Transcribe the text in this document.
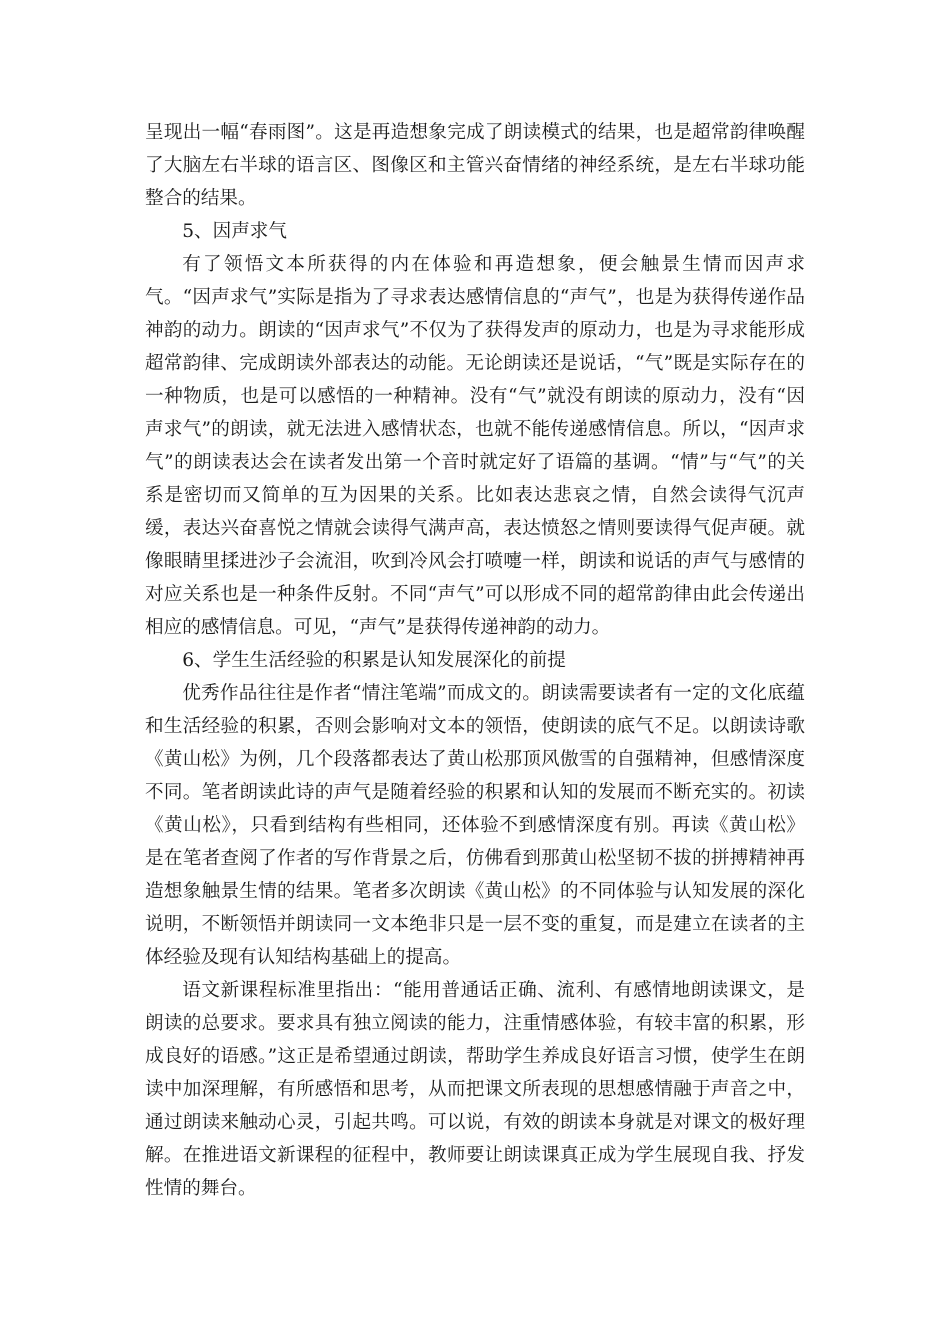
呈现出一幅“春雨图”。这是再造想象完成了朗读模式的结果，也是超常韵律唤醒了大脑左右半球的语言区、图像区和主管兴奋情绪的神经系统，是左右半球功能整合的结果。

5、因声求气

有了领悟文本所获得的内在体验和再造想象，便会触景生情而因声求气。“因声求气”实际是指为了寻求表达感情信息的“声气”，也是为获得传递作品神韵的动力。朗读的“因声求气”不仅为了获得发声的原动力，也是为寻求能形成超常韵律、完成朗读外部表达的动能。无论朗读还是说话，“气”既是实际存在的一种物质，也是可以感悟的一种精神。没有“气”就没有朗读的原动力，没有“因声求气”的朗读，就无法进入感情状态，也就不能传递感情信息。所以，“因声求气”的朗读表达会在读者发出第一个音时就定好了语篇的基调。“情”与“气”的关系是密切而又简单的互为因果的关系。比如表达悲哀之情，自然会读得气沉声缓，表达兴奋喜悦之情就会读得气满声高，表达愤怒之情则要读得气促声硬。就像眼睛里揉进沙子会流泪，吹到冷风会打喷嚏一样，朗读和说话的声气与感情的对应关系也是一种条件反射。不同“声气”可以形成不同的超常韵律由此会传递出相应的感情信息。可见，“声气”是获得传递神韵的动力。

6、学生生活经验的积累是认知发展深化的前提

优秀作品往往是作者“情注笔端”而成文的。朗读需要读者有一定的文化底蕴和生活经验的积累，否则会影响对文本的领悟，使朗读的底气不足。以朗读诗歌《黄山松》为例，几个段落都表达了黄山松那顶风傲雪的自强精神，但感情深度不同。笔者朗读此诗的声气是随着经验的积累和认知的发展而不断充实的。初读《黄山松》，只看到结构有些相同，还体验不到感情深度有别。再读《黄山松》是在笔者查阅了作者的写作背景之后，仿佛看到那黄山松坚韧不拔的拼搏精神再造想象触景生情的结果。笔者多次朗读《黄山松》的不同体验与认知发展的深化说明，不断领悟并朗读同一文本绝非只是一层不变的重复，而是建立在读者的主体经验及现有认知结构基础上的提高。

语文新课程标准里指出：“能用普通话正确、流利、有感情地朗读课文，是朗读的总要求。要求具有独立阅读的能力，注重情感体验，有较丰富的积累，形成良好的语感。”这正是希望通过朗读，帮助学生养成良好语言习惯，使学生在朗读中加深理解，有所感悟和思考，从而把课文所表现的思想感情融于声音之中，通过朗读来触动心灵，引起共鸣。可以说，有效的朗读本身就是对课文的极好理解。在推进语文新课程的征程中，教师要让朗读课真正成为学生展现自我、抒发性情的舞台。
